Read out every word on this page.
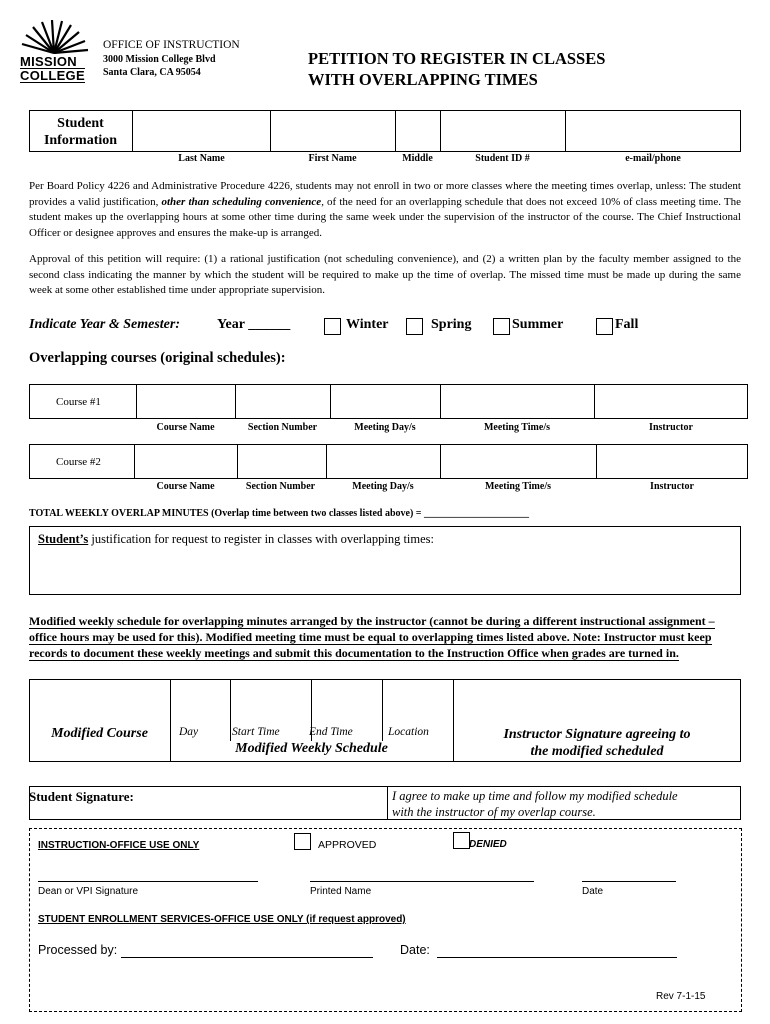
MISSION
COLLEGE
OFFICE OF INSTRUCTION
3000 Mission College Blvd
Santa Clara, CA 95054
PETITION TO REGISTER IN CLASSES
WITH OVERLAPPING TIMES
Student
Information
Last Name	First Name	Middle	Student ID #	e-mail/phone
Per Board Policy 4226 and Administrative Procedure 4226, students may not enroll in two or more classes where the meeting times overlap, unless: The student provides a valid justification, other than scheduling convenience, of the need for an overlapping schedule that does not exceed 10% of class meeting time. The student makes up the overlapping hours at some other time during the same week under the supervision of the instructor of the course. The Chief Instructional Officer or designee approves and ensures the make-up is arranged.
Approval of this petition will require: (1) a rational justification (not scheduling convenience), and (2) a written plan by the faculty member assigned to the second class indicating the manner by which the student will be required to make up the time of overlap. The missed time must be made up during the same week at some other established time under appropriate supervision.
Indicate Year & Semester:	Year ______	Winter	Spring	Summer	Fall
Overlapping courses (original schedules):
Course #1
Course Name	Section Number	Meeting Day/s	Meeting Time/s	Instructor
Course #2
Course Name	Section Number	Meeting Day/s	Meeting Time/s	Instructor
TOTAL WEEKLY OVERLAP MINUTES (Overlap time between two classes listed above) = _____________________
Student’s justification for request to register in classes with overlapping times:
Modified weekly schedule for overlapping minutes arranged by the instructor (cannot be during a different instructional assignment – office hours may be used for this). Modified meeting time must be equal to overlapping times listed above. Note: Instructor must keep records to document these weekly meetings and submit this documentation to the Instruction Office when grades are turned in.
Modified Course	Day	Start Time	End Time	Location
Modified Weekly Schedule
Instructor Signature agreeing to
the modified scheduled
Student Signature:	I agree to make up time and follow my modified schedule
with the instructor of my overlap course.
INSTRUCTION-OFFICE USE ONLY	APPROVED	DENIED
Dean or VPI Signature	Printed Name	Date
STUDENT ENROLLMENT SERVICES-OFFICE USE ONLY (if request approved)
Processed by:	Date:
Rev 7-1-15
